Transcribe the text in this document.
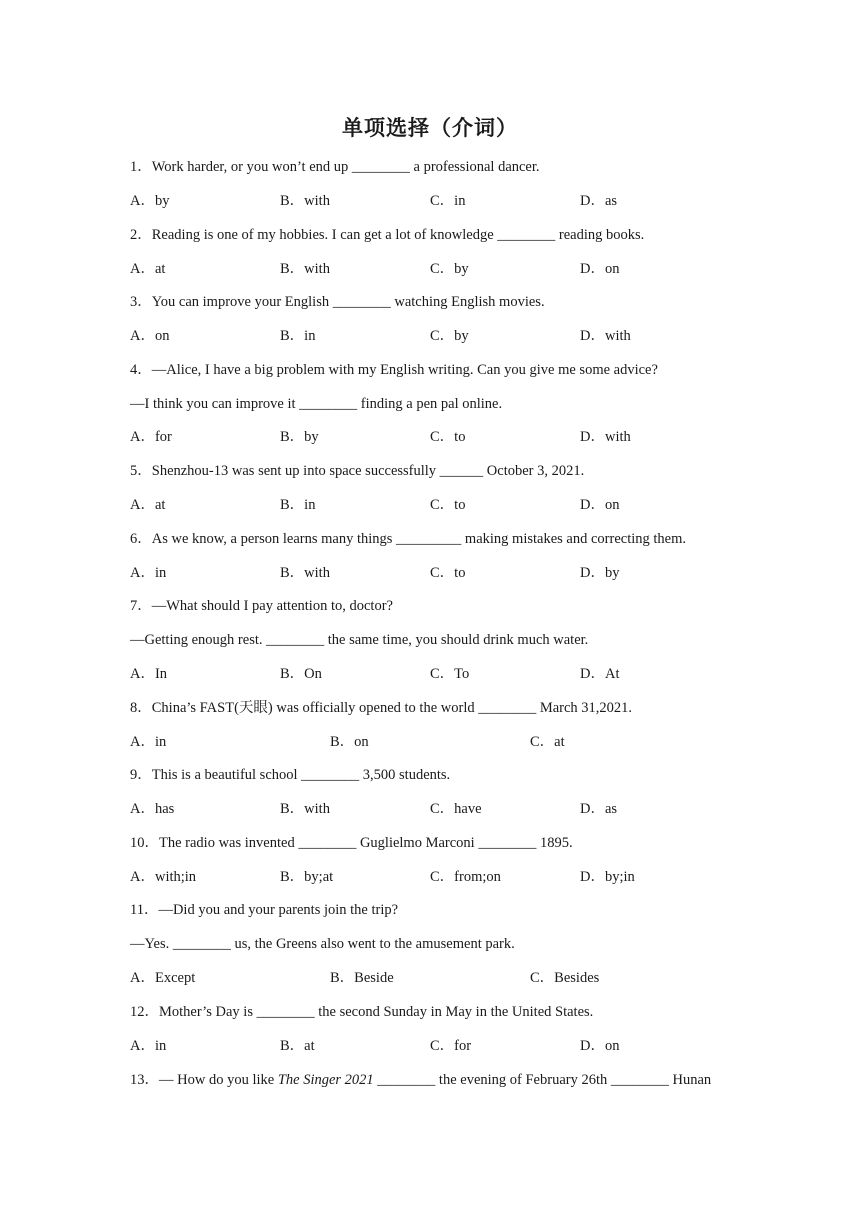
单项选择（介词）
1．Work harder, or you won’t end up ________ a professional dancer.
A．by	B．with	C．in	D．as
2．Reading is one of my hobbies. I can get a lot of knowledge ________ reading books.
A．at	B．with	C．by	D．on
3．You can improve your English ________ watching English movies.
A．on	B．in	C．by	D．with
4．—Alice, I have a big problem with my English writing. Can you give me some advice?
—I think you can improve it ________ finding a pen pal online.
A．for	B．by	C．to	D．with
5．Shenzhou-13 was sent up into space successfully ______ October 3, 2021.
A．at	B．in	C．to	D．on
6．As we know, a person learns many things _________ making mistakes and correcting them.
A．in	B．with	C．to	D．by
7．—What should I pay attention to, doctor?
—Getting enough rest. ________ the same time, you should drink much water.
A．In	B．On	C．To	D．At
8．China’s FAST(天眼) was officially opened to the world ________ March 31,2021.
A．in	B．on	C．at
9．This is a beautiful school ________ 3,500 students.
A．has	B．with	C．have	D．as
10．The radio was invented ________ Guglielmo Marconi ________ 1895.
A．with;in	B．by;at	C．from;on	D．by;in
11．—Did you and your parents join the trip?
—Yes. ________ us, the Greens also went to the amusement park.
A．Except	B．Beside	C．Besides
12．Mother’s Day is ________ the second Sunday in May in the United States.
A．in	B．at	C．for	D．on
13．— How do you like The Singer 2021 ________ the evening of February 26th ________ Hunan
